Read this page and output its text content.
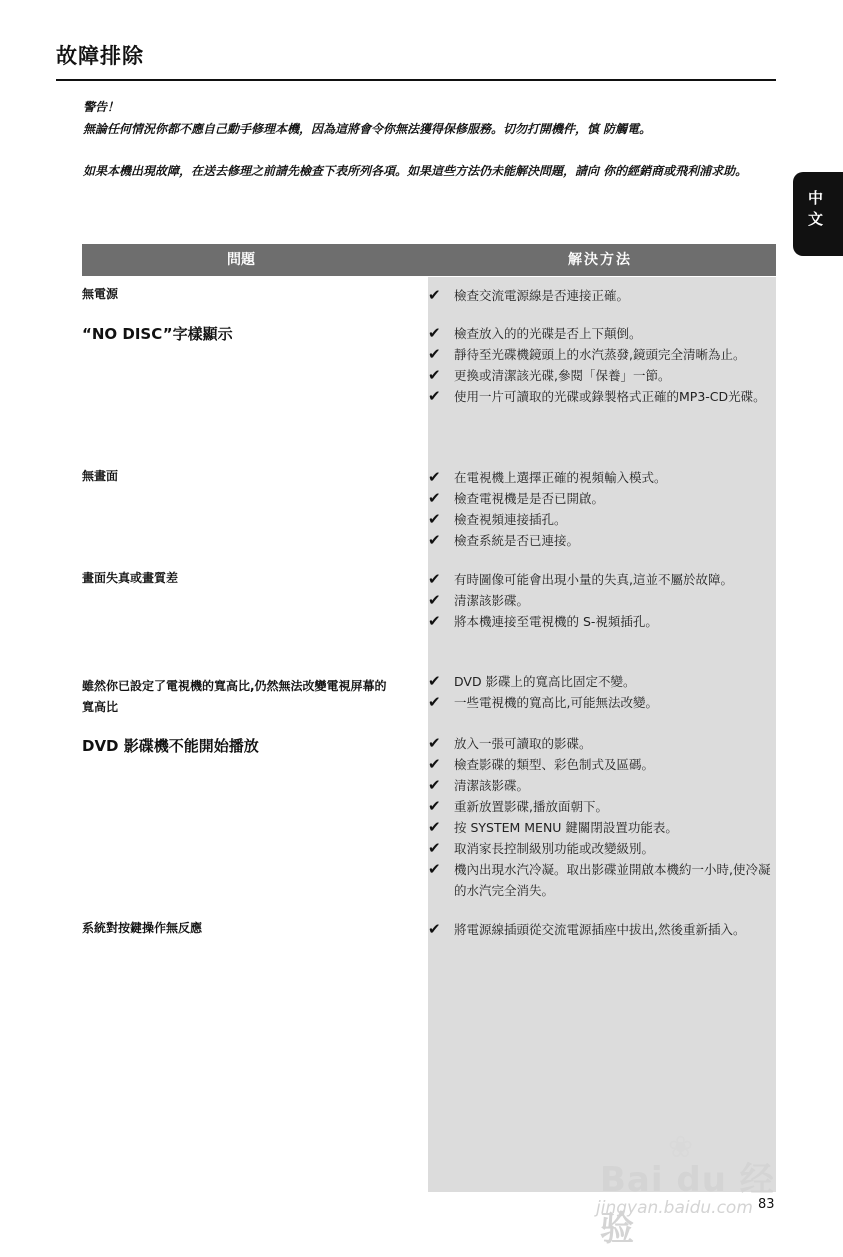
故障排除
警告！
無論任何情況你都不應自己動手修理本機，因為這將會令你無法獲得保修服務。切勿打開機件，慎 防觸電。
如果本機出現故障，在送去修理之前請先檢查下表所列各項。如果這些方法仍未能解決問題，請向 你的經銷商或飛利浦求助。
中文
問題	解決方法
無電源	✔ 檢查交流電源線是否連接正確。
“NO DISC”字樣顯示	✔ 檢查放入的的光碟是否上下顛倒。
✔ 靜待至光碟機鏡頭上的水汽蒸發,鏡頭完全清晰為止。
✔ 更換或清潔該光碟,參閱「保養」一節。
✔ 使用一片可讀取的光碟或錄製格式正確的MP3-CD光碟。
無畫面	✔ 在電視機上選擇正確的視頻輸入模式。
✔ 檢查電視機是是否已開啟。
✔ 檢查視頻連接插孔。
✔ 檢查系統是否已連接。
畫面失真或畫質差	✔ 有時圖像可能會出現小量的失真,這並不屬於故障。
✔ 清潔該影碟。
✔ 將本機連接至電視機的 S-視頻插孔。
雖然你已設定了電視機的寬高比,仍然無法改變電視屏幕的寬高比
✔ DVD 影碟上的寬高比固定不變。
✔ 一些電視機的寬高比,可能無法改變。
DVD 影碟機不能開始播放	✔ 放入一張可讀取的影碟。
✔ 檢查影碟的類型、彩色制式及區碼。
✔ 清潔該影碟。
✔ 重新放置影碟,播放面朝下。
✔ 按 SYSTEM MENU 鍵關閉設置功能表。
✔ 取消家長控制級別功能或改變級別。
✔ 機內出現水汽冷凝。取出影碟並開啟本機約一小時,使冷凝的水汽完全消失。
系統對按鍵操作無反應	✔ 將電源線插頭從交流電源插座中拔出,然後重新插入。
❀
Bai du 经验
jingyan.baidu.com 83
